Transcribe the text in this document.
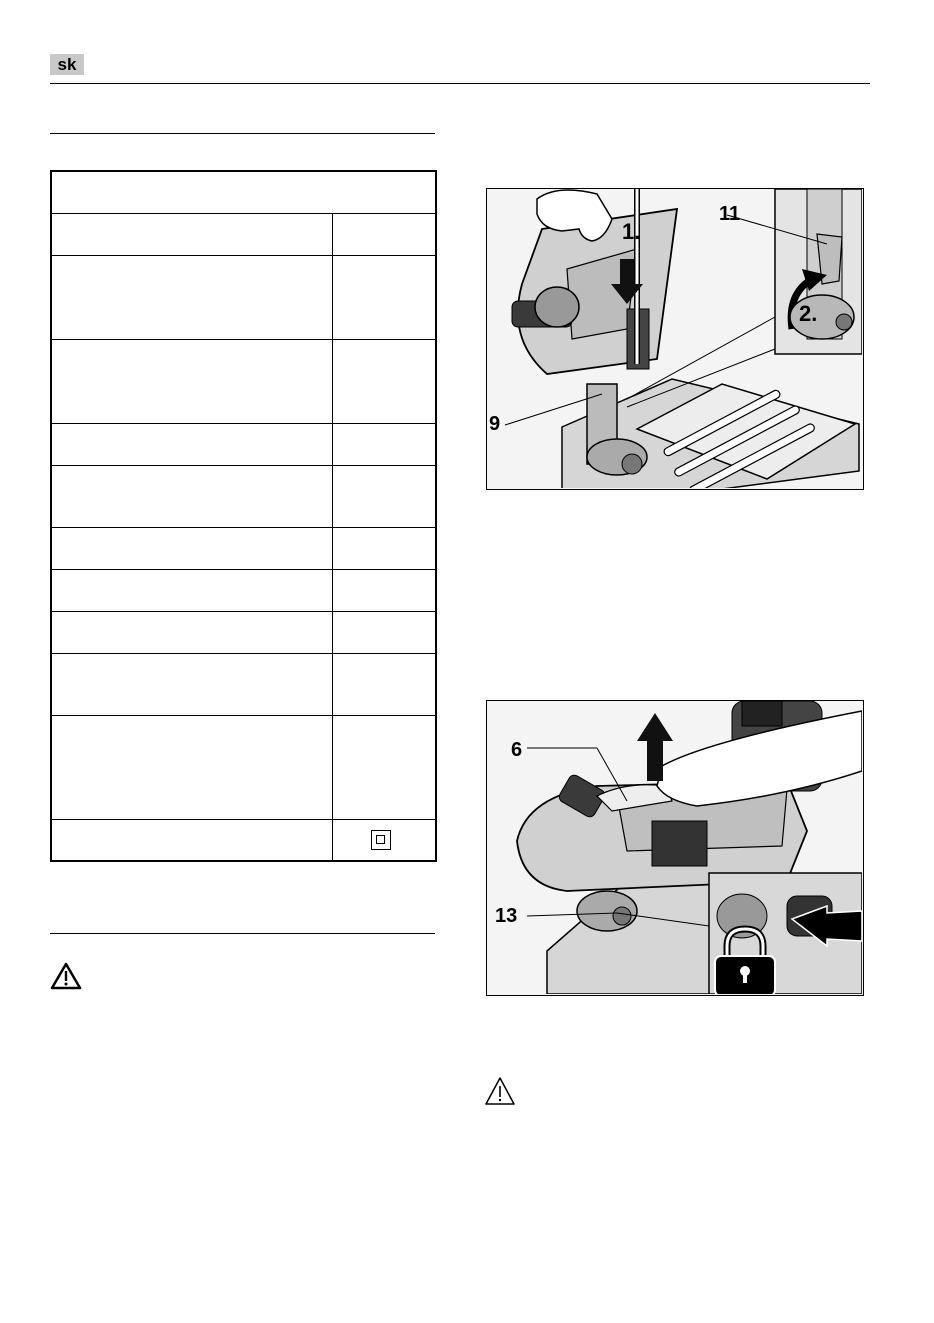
sk
1.
2.
11
9
6
13
